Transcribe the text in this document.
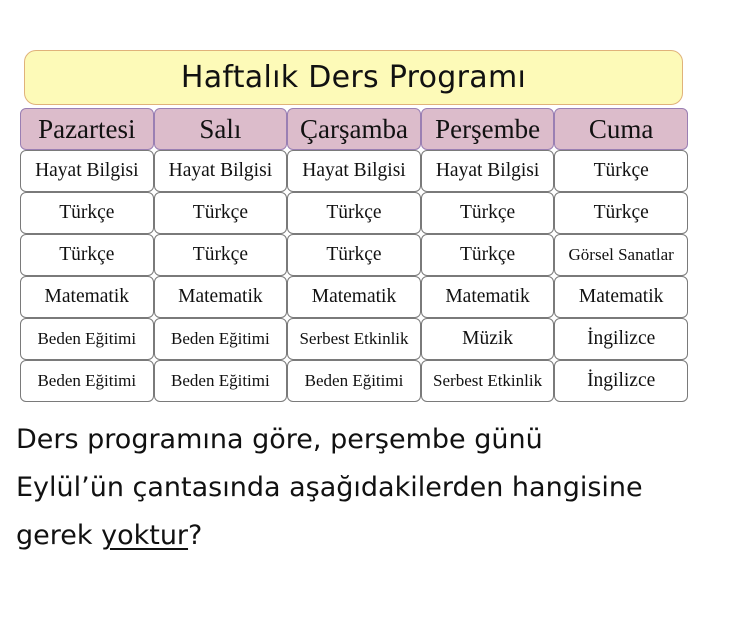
Haftalık Ders Programı
Pazartesi	Salı	Çarşamba	Perşembe	Cuma
Hayat Bilgisi	Hayat Bilgisi	Hayat Bilgisi	Hayat Bilgisi	Türkçe
Türkçe	Türkçe	Türkçe	Türkçe	Türkçe
Türkçe	Türkçe	Türkçe	Türkçe	Görsel Sanatlar
Matematik	Matematik	Matematik	Matematik	Matematik
Beden Eğitimi	Beden Eğitimi	Serbest Etkinlik	Müzik	İngilizce
Beden Eğitimi	Beden Eğitimi	Beden Eğitimi	Serbest Etkinlik	İngilizce
Ders programına göre, perşembe günü
Eylül’ün çantasında aşağıdakilerden hangisine
gerek yoktur?
